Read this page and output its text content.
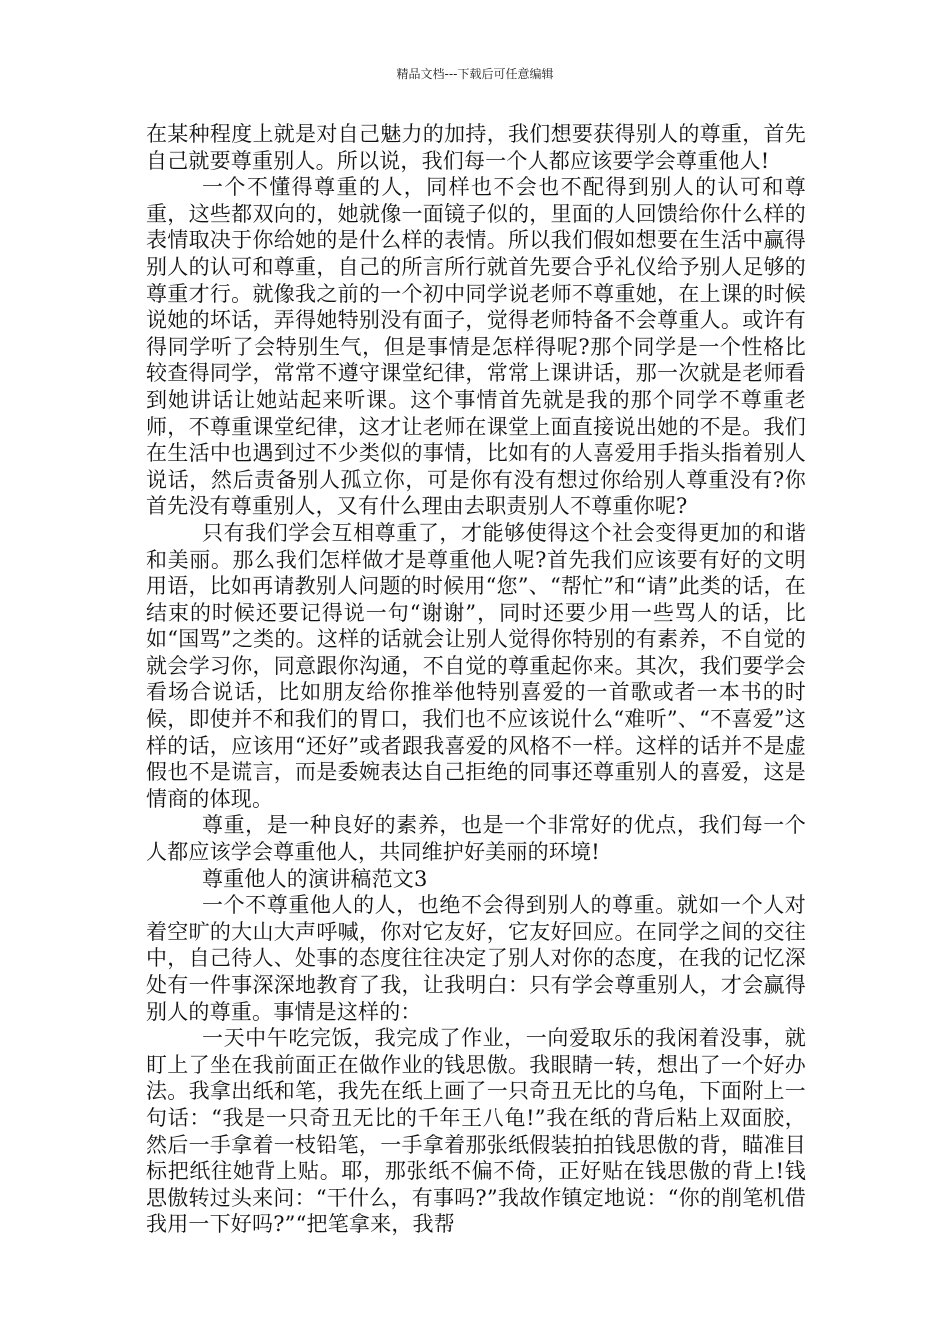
精品文档---下载后可任意编辑

在某种程度上就是对自己魅力的加持，我们想要获得别人的尊重，首先自己就要尊重别人。所以说，我们每一个人都应该要学会尊重他人!

一个不懂得尊重的人，同样也不会也不配得到别人的认可和尊重，这些都双向的，她就像一面镜子似的，里面的人回馈给你什么样的表情取决于你给她的是什么样的表情。所以我们假如想要在生活中赢得别人的认可和尊重，自己的所言所行就首先要合乎礼仪给予别人足够的尊重才行。就像我之前的一个初中同学说老师不尊重她，在上课的时候说她的坏话，弄得她特别没有面子，觉得老师特备不会尊重人。或许有得同学听了会特别生气，但是事情是怎样得呢?那个同学是一个性格比较查得同学，常常不遵守课堂纪律，常常上课讲话，那一次就是老师看到她讲话让她站起来听课。这个事情首先就是我的那个同学不尊重老师，不尊重课堂纪律，这才让老师在课堂上面直接说出她的不是。我们在生活中也遇到过不少类似的事情，比如有的人喜爱用手指头指着别人说话，然后责备别人孤立你，可是你有没有想过你给别人尊重没有?你首先没有尊重别人，又有什么理由去职责别人不尊重你呢?

只有我们学会互相尊重了，才能够使得这个社会变得更加的和谐和美丽。那么我们怎样做才是尊重他人呢?首先我们应该要有好的文明用语，比如再请教别人问题的时候用“您”、“帮忙”和“请”此类的话，在结束的时候还要记得说一句“谢谢”，同时还要少用一些骂人的话，比如“国骂”之类的。这样的话就会让别人觉得你特别的有素养，不自觉的就会学习你，同意跟你沟通，不自觉的尊重起你来。其次，我们要学会看场合说话，比如朋友给你推举他特别喜爱的一首歌或者一本书的时候，即使并不和我们的胃口，我们也不应该说什么“难听”、“不喜爱”这样的话，应该用“还好”或者跟我喜爱的风格不一样。这样的话并不是虚假也不是谎言，而是委婉表达自己拒绝的同事还尊重别人的喜爱，这是情商的体现。

尊重，是一种良好的素养，也是一个非常好的优点，我们每一个人都应该学会尊重他人，共同维护好美丽的环境!

尊重他人的演讲稿范文3

一个不尊重他人的人，也绝不会得到别人的尊重。就如一个人对着空旷的大山大声呼喊，你对它友好，它友好回应。在同学之间的交往中，自己待人、处事的态度往往决定了别人对你的态度，在我的记忆深处有一件事深深地教育了我，让我明白：只有学会尊重别人，才会赢得别人的尊重。事情是这样的：

一天中午吃完饭，我完成了作业，一向爱取乐的我闲着没事，就盯上了坐在我前面正在做作业的钱思傲。我眼睛一转，想出了一个好办法。我拿出纸和笔，我先在纸上画了一只奇丑无比的乌龟，下面附上一句话：“我是一只奇丑无比的千年王八龟!”我在纸的背后粘上双面胶，然后一手拿着一枝铅笔，一手拿着那张纸假装拍拍钱思傲的背，瞄准目标把纸往她背上贴。耶，那张纸不偏不倚，正好贴在钱思傲的背上!钱思傲转过头来问：“干什么，有事吗?”我故作镇定地说：“你的削笔机借我用一下好吗?”“把笔拿来，我帮
